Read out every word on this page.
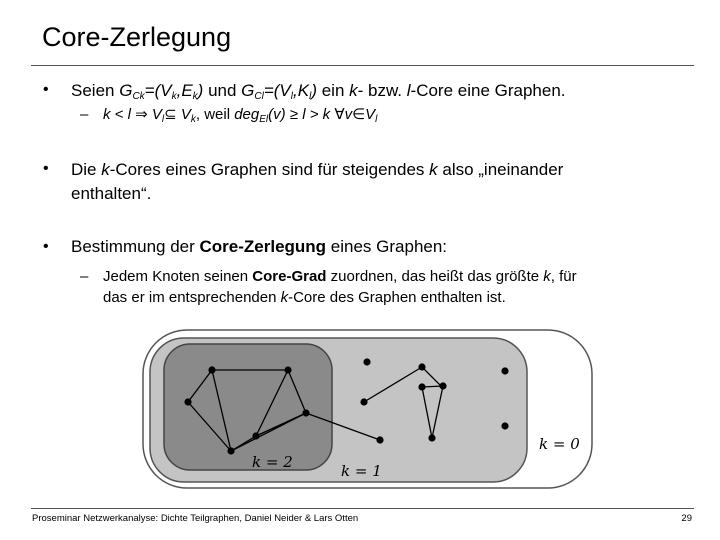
Core-Zerlegung
• Seien $G_{Ck}=(V_k,E_k)$ und $G_{Cl}=(V_l,K_l)$ ein k- bzw. l-Core eine Graphen.
– k < l ⇒ $V_l⊆$ $V_k$, weil deg$_{El}$(v) ≥ l > k $\forall v\in V_l$
• Die k-Cores eines Graphen sind für steigendes k also „ineinander
enthalten“.
• Bestimmung der Core-Zerlegung eines Graphen:
– Jedem Knoten seinen Core-Grad zuordnen, das heißt das größte k, für
das er im entsprechenden k-Core des Graphen enthalten ist.
k = 2	k = 1
k = 0
Proseminar Netzwerkanalyse: Dichte Teilgraphen, Daniel Neider & Lars Otten	29
